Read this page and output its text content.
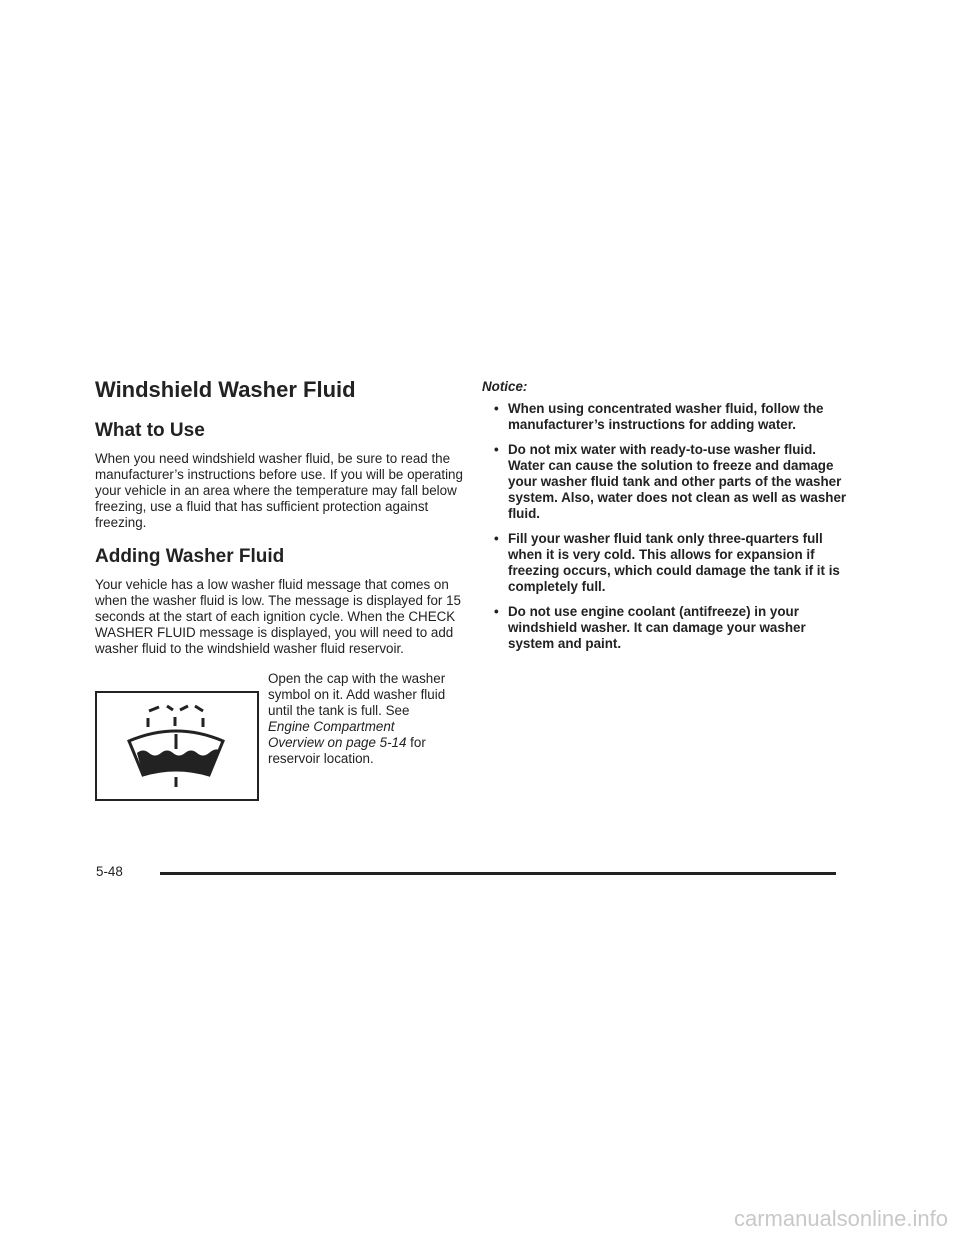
Windshield Washer Fluid
What to Use

When you need windshield washer fluid, be sure to read the manufacturer’s instructions before use. If you will be operating your vehicle in an area where the temperature may fall below freezing, use a fluid that has sufficient protection against freezing.

Adding Washer Fluid

Your vehicle has a low washer fluid message that comes on when the washer fluid is low. The message is displayed for 15 seconds at the start of each ignition cycle. When the CHECK WASHER FLUID message is displayed, you will need to add washer fluid to the windshield washer fluid reservoir.

Open the cap with the washer symbol on it. Add washer fluid until the tank is full. See Engine Compartment Overview on page 5-14 for reservoir location.
Notice:
• When using concentrated washer fluid, follow the manufacturer’s instructions for adding water.
• Do not mix water with ready-to-use washer fluid. Water can cause the solution to freeze and damage your washer fluid tank and other parts of the washer system. Also, water does not clean as well as washer fluid.
• Fill your washer fluid tank only three-quarters full when it is very cold. This allows for expansion if freezing occurs, which could damage the tank if it is completely full.
• Do not use engine coolant (antifreeze) in your windshield washer. It can damage your washer system and paint.
5-48
carmanualsonline.info
